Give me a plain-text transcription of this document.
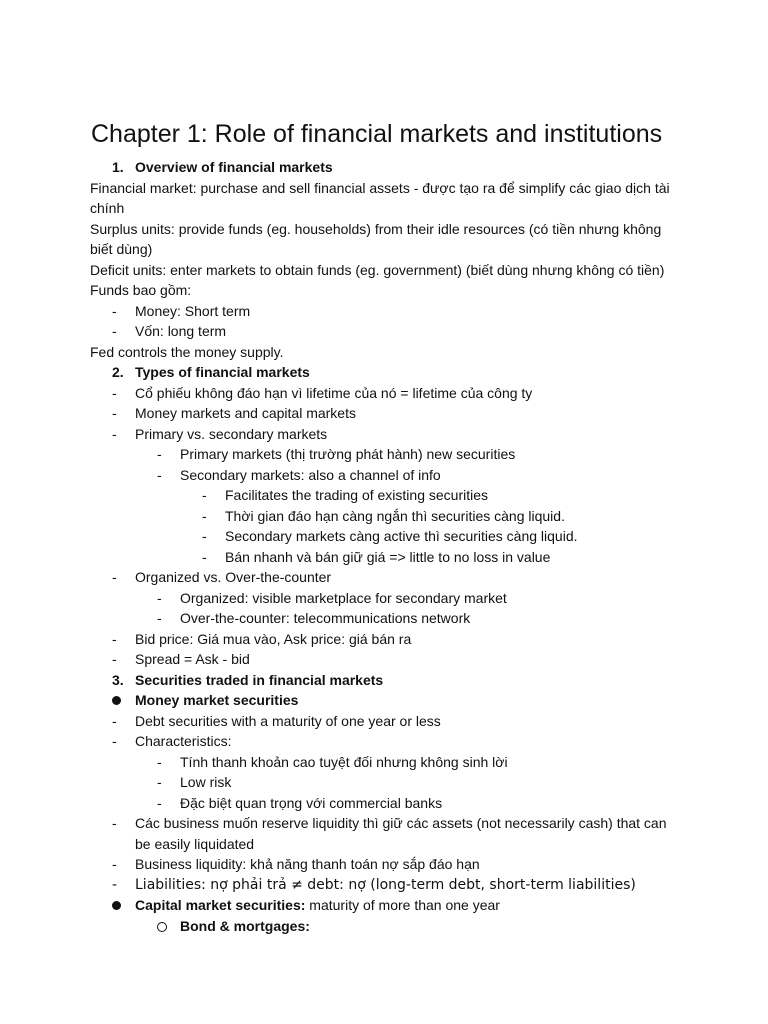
Chapter 1: Role of financial markets and institutions
1. Overview of financial markets
Financial market: purchase and sell financial assets - được tạo ra để simplify các giao dịch tài
chính
Surplus units: provide funds (eg. households) from their idle resources (có tiền nhưng không
biết dùng)
Deficit units: enter markets to obtain funds (eg. government) (biết dùng nhưng không có tiền)
Funds bao gồm:
-	Money: Short term
-	Vốn: long term
Fed controls the money supply.
2. Types of financial markets
-	Cổ phiếu không đáo hạn vì lifetime của nó = lifetime của công ty
-	Money markets and capital markets
-	Primary vs. secondary markets
-	Primary markets (thị trường phát hành) new securities
-	Secondary markets: also a channel of info
-	Facilitates the trading of existing securities
-	Thời gian đáo hạn càng ngắn thì securities càng liquid.
-	Secondary markets càng active thì securities càng liquid.
-	Bán nhanh và bán giữ giá => little to no loss in value
-	Organized vs. Over-the-counter
-	Organized: visible marketplace for secondary market
-	Over-the-counter: telecommunications network
-	Bid price: Giá mua vào, Ask price: giá bán ra
-	Spread = Ask - bid
3. Securities traded in financial markets
Money market securities
-	Debt securities with a maturity of one year or less
-	Characteristics:
-	Tính thanh khoản cao tuyệt đối nhưng không sinh lời
-	Low risk
-	Đặc biệt quan trọng với commercial banks
-	Các business muốn reserve liquidity thì giữ các assets (not necessarily cash) that can
be easily liquidated
-	Business liquidity: khả năng thanh toán nợ sắp đáo hạn
-	Liabilities: nợ phải trả ≠ debt: nợ (long-term debt, short-term liabilities)
Capital market securities: maturity of more than one year
Bond & mortgages:
